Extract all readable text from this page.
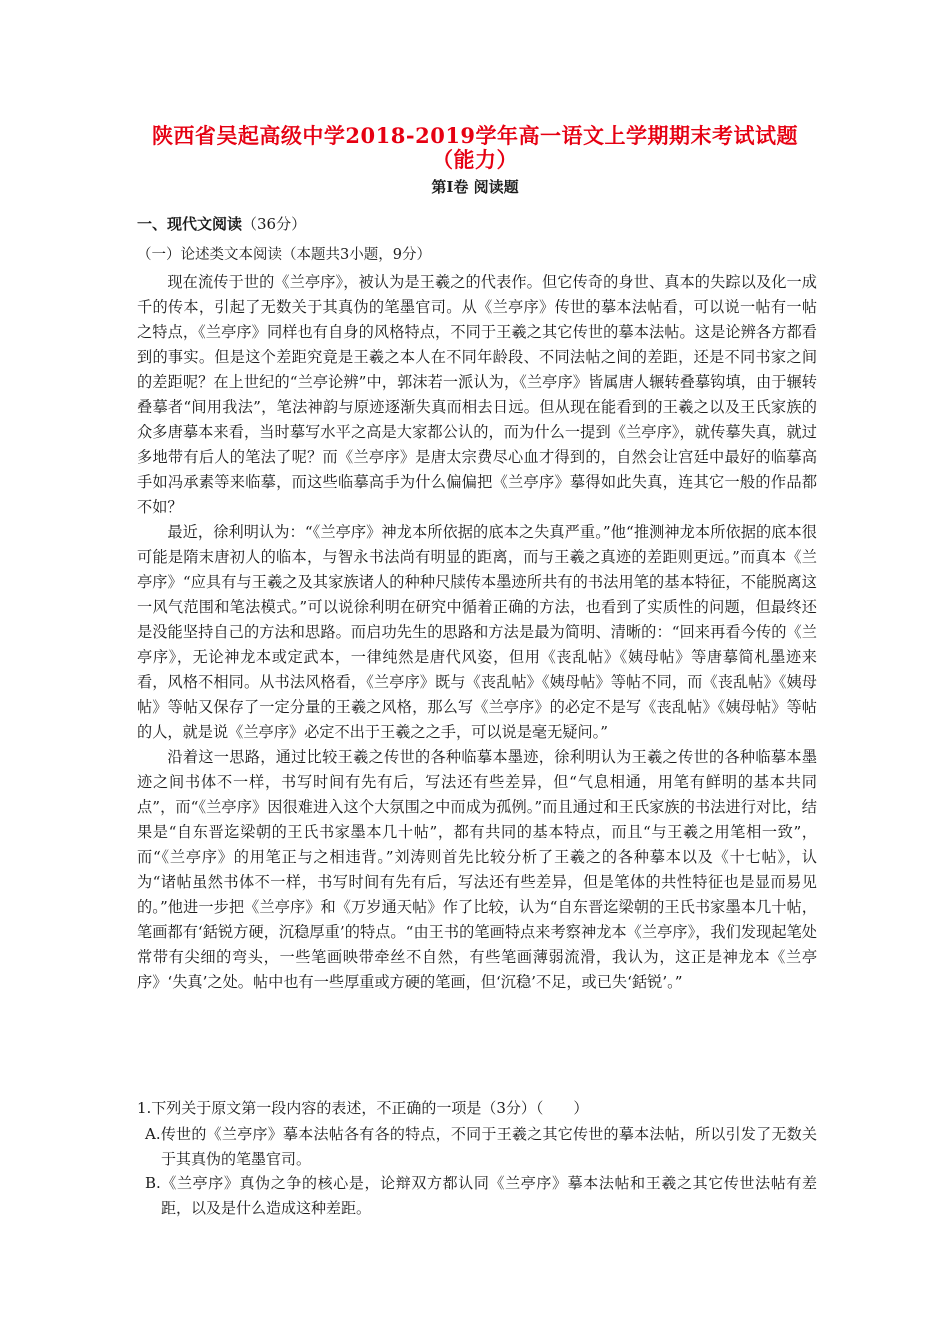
陕西省吴起高级中学2018-2019学年高一语文上学期期末考试试题
（能力）
第Ⅰ卷 阅读题
一、现代文阅读（36分）
（一）论述类文本阅读（本题共3小题，9分）

现在流传于世的《兰亭序》，被认为是王羲之的代表作。但它传奇的身世、真本的失踪以及化一成千的传本，引起了无数关于其真伪的笔墨官司。从《兰亭序》传世的摹本法帖看，可以说一帖有一帖之特点，《兰亭序》同样也有自身的风格特点，不同于王羲之其它传世的摹本法帖。这是论辨各方都看到的事实。但是这个差距究竟是王羲之本人在不同年龄段、不同法帖之间的差距，还是不同书家之间的差距呢？在上世纪的“兰亭论辨”中，郭沫若一派认为，《兰亭序》皆属唐人辗转叠摹钩填，由于辗转叠摹者“间用我法”，笔法神韵与原迹逐渐失真而相去日远。但从现在能看到的王羲之以及王氏家族的众多唐摹本来看，当时摹写水平之高是大家都公认的，而为什么一提到《兰亭序》，就传摹失真，就过多地带有后人的笔法了呢？而《兰亭序》是唐太宗费尽心血才得到的，自然会让宫廷中最好的临摹高手如冯承素等来临摹，而这些临摹高手为什么偏偏把《兰亭序》摹得如此失真，连其它一般的作品都不如？

最近，徐利明认为：“《兰亭序》神龙本所依据的底本之失真严重。”他“推测神龙本所依据的底本很可能是隋末唐初人的临本，与智永书法尚有明显的距离，而与王羲之真迹的差距则更远。”而真本《兰亭序》“应具有与王羲之及其家族诸人的种种尺牍传本墨迹所共有的书法用笔的基本特征，不能脱离这一风气范围和笔法模式。”可以说徐利明在研究中循着正确的方法，也看到了实质性的问题，但最终还是没能坚持自己的方法和思路。而启功先生的思路和方法是最为简明、清晰的：“回来再看今传的《兰亭序》，无论神龙本或定武本，一律纯然是唐代风姿，但用《丧乱帖》《姨母帖》等唐摹简札墨迹来看，风格不相同。从书法风格看，《兰亭序》既与《丧乱帖》《姨母帖》等帖不同，而《丧乱帖》《姨母帖》等帖又保存了一定分量的王羲之风格，那么写《兰亭序》的必定不是写《丧乱帖》《姨母帖》等帖的人，就是说《兰亭序》必定不出于王羲之之手，可以说是毫无疑问。”

沿着这一思路，通过比较王羲之传世的各种临摹本墨迹，徐利明认为王羲之传世的各种临摹本墨迹之间书体不一样，书写时间有先有后，写法还有些差异，但“气息相通，用笔有鲜明的基本共同点”，而“《兰亭序》因很难进入这个大氛围之中而成为孤例。”而且通过和王氏家族的书法进行对比，结果是“自东晋迄梁朝的王氏书家墨本几十帖”，都有共同的基本特点，而且“与王羲之用笔相一致”，而“《兰亭序》的用笔正与之相违背。”刘涛则首先比较分析了王羲之的各种摹本以及《十七帖》，认为“诸帖虽然书体不一样，书写时间有先有后，写法还有些差异，但是笔体的共性特征也是显而易见的。”他进一步把《兰亭序》和《万岁通天帖》作了比较，认为“自东晋迄梁朝的王氏书家墨本几十帖，笔画都有‘銛锐方硬，沉稳厚重’的特点。“由王书的笔画特点来考察神龙本《兰亭序》，我们发现起笔处常带有尖细的弯头，一些笔画映带牵丝不自然，有些笔画薄弱流滑，我认为，这正是神龙本《兰亭序》‘失真’之处。帖中也有一些厚重或方硬的笔画，但‘沉稳’不足，或已失‘銛锐’。”

1.下列关于原文第一段内容的表述，不正确的一项是（3分）（　　）
A.传世的《兰亭序》摹本法帖各有各的特点，不同于王羲之其它传世的摹本法帖，所以引发了无数关于其真伪的笔墨官司。
B.《兰亭序》真伪之争的核心是，论辩双方都认同《兰亭序》摹本法帖和王羲之其它传世法帖有差距，以及是什么造成这种差距。
